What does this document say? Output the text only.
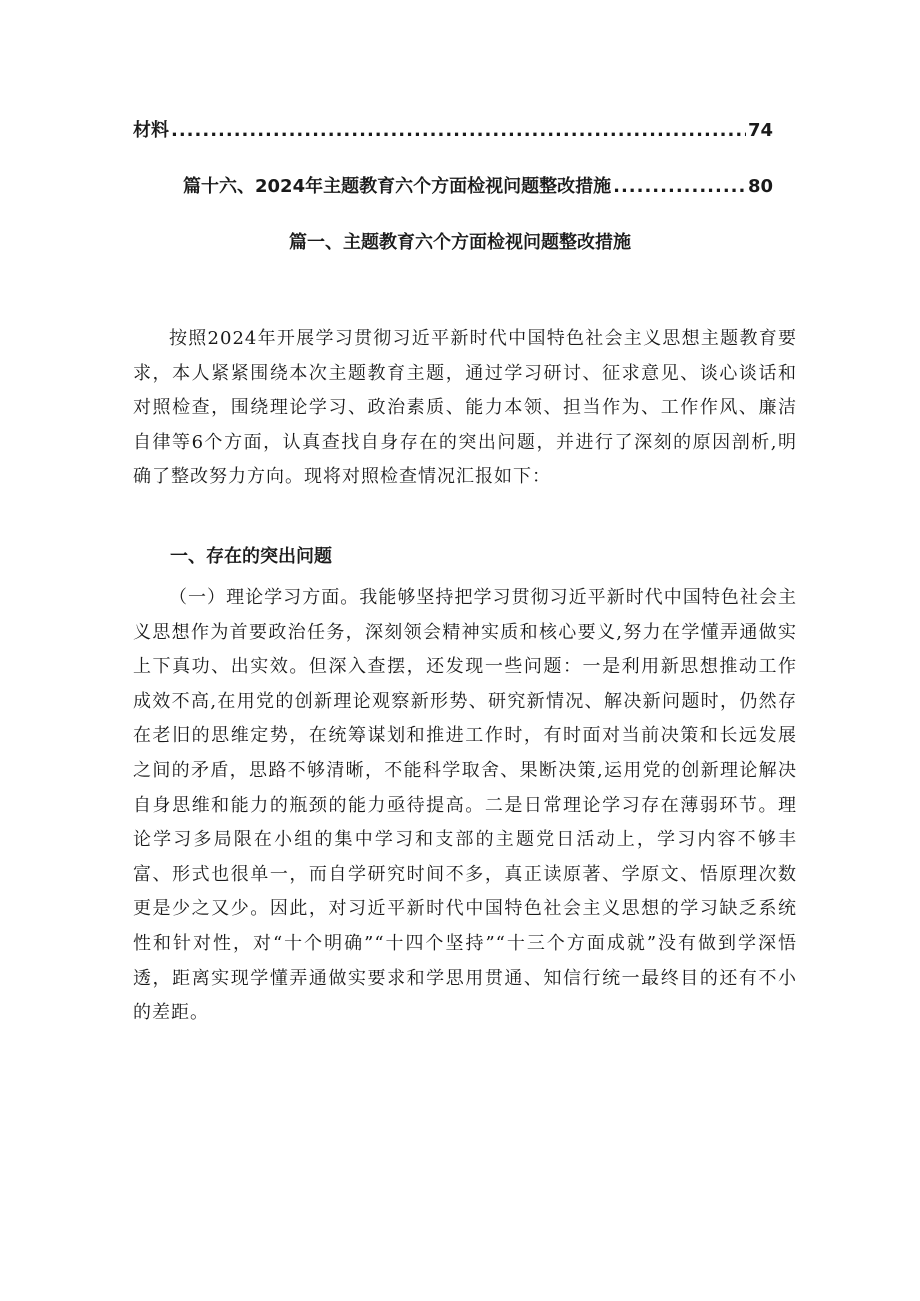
材料 .....	74
篇十六、2024年主题教育六个方面检视问题整改措施 .....	80
篇一、主题教育六个方面检视问题整改措施

按照2024年开展学习贯彻习近平新时代中国特色社会主义思想主题教育要求，本人紧紧围绕本次主题教育主题，通过学习研讨、征求意见、谈心谈话和对照检查，围绕理论学习、政治素质、能力本领、担当作为、工作作风、廉洁自律等6个方面，认真查找自身存在的突出问题，并进行了深刻的原因剖析,明确了整改努力方向。现将对照检查情况汇报如下：

一、存在的突出问题

（一）理论学习方面。我能够坚持把学习贯彻习近平新时代中国特色社会主义思想作为首要政治任务，深刻领会精神实质和核心要义,努力在学懂弄通做实上下真功、出实效。但深入查摆，还发现一些问题：一是利用新思想推动工作成效不高,在用党的创新理论观察新形势、研究新情况、解决新问题时，仍然存在老旧的思维定势，在统筹谋划和推进工作时，有时面对当前决策和长远发展之间的矛盾，思路不够清晰，不能科学取舍、果断决策,运用党的创新理论解决自身思维和能力的瓶颈的能力亟待提高。二是日常理论学习存在薄弱环节。理论学习多局限在小组的集中学习和支部的主题党日活动上，学习内容不够丰富、形式也很单一，而自学研究时间不多，真正读原著、学原文、悟原理次数更是少之又少。因此，对习近平新时代中国特色社会主义思想的学习缺乏系统性和针对性，对“十个明确”“十四个坚持”“十三个方面成就”没有做到学深悟透，距离实现学懂弄通做实要求和学思用贯通、知信行统一最终目的还有不小的差距。
